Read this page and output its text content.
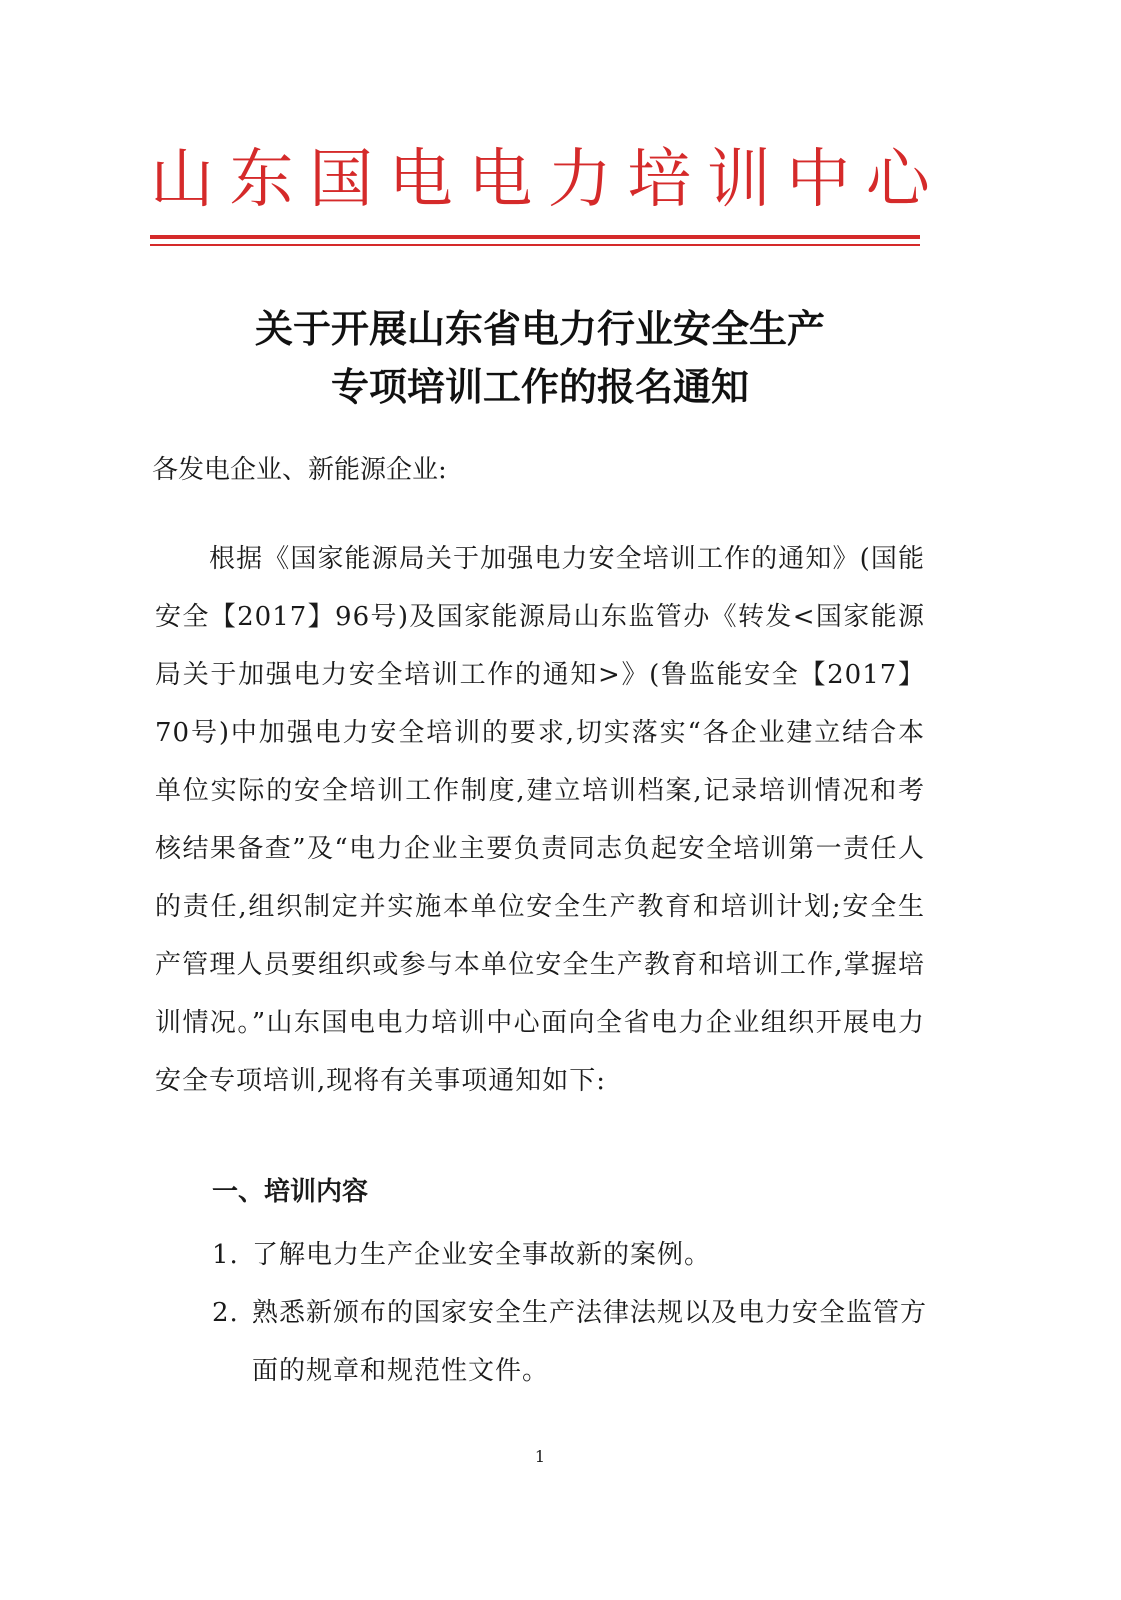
山 东 国 电 电 力 培 训 中 心
关于开展山东省电力行业安全生产
专项培训工作的报名通知
各发电企业、新能源企业:
根据《国家能源局关于加强电力安全培训工作的通知》(国能安全【2017】96号)及国家能源局山东监管办《转发<国家能源局关于加强电力安全培训工作的通知>》(鲁监能安全【2017】70号)中加强电力安全培训的要求,切实落实“各企业建立结合本单位实际的安全培训工作制度,建立培训档案,记录培训情况和考核结果备查”及“电力企业主要负责同志负起安全培训第一责任人的责任,组织制定并实施本单位安全生产教育和培训计划;安全生产管理人员要组织或参与本单位安全生产教育和培训工作,掌握培训情况。”山东国电电力培训中心面向全省电力企业组织开展电力安全专项培训,现将有关事项通知如下:
一、培训内容
1. 了解电力生产企业安全事故新的案例。
2. 熟悉新颁布的国家安全生产法律法规以及电力安全监管方面的规章和规范性文件。
1
